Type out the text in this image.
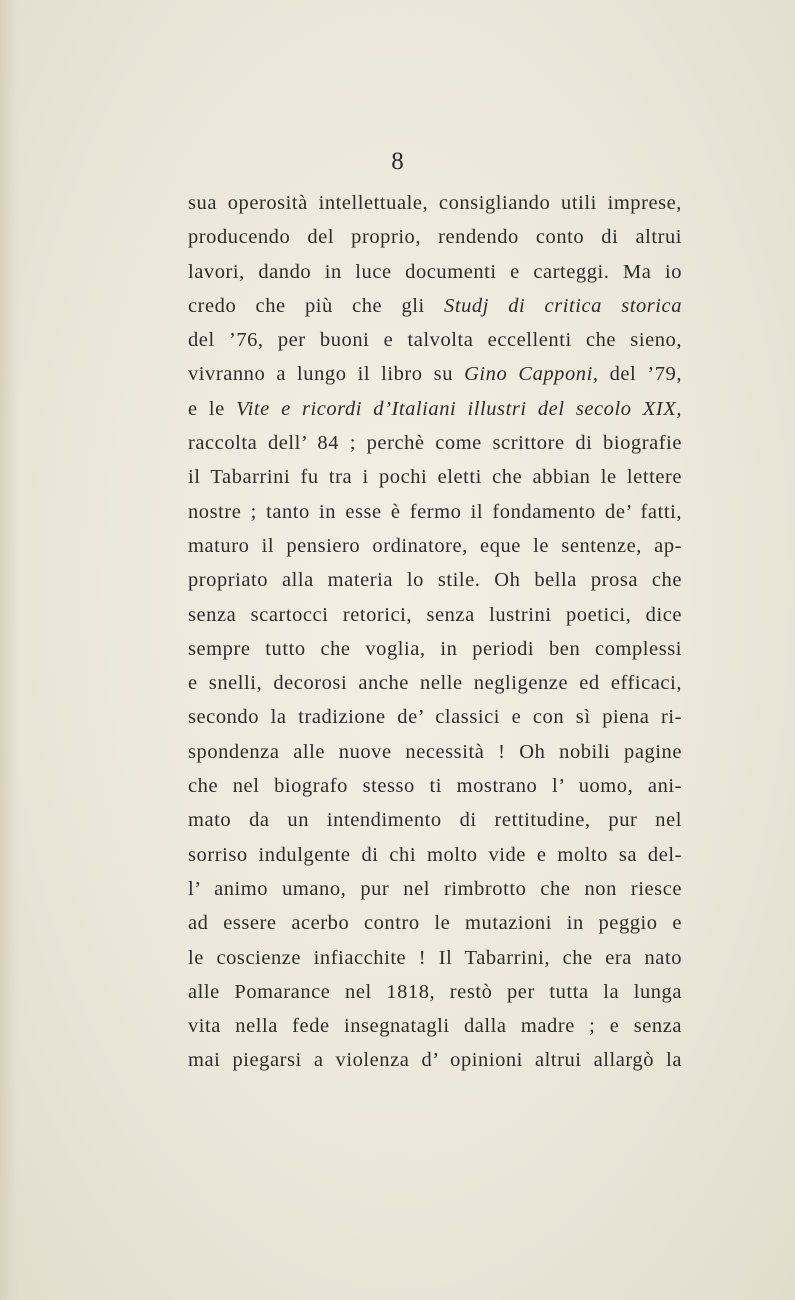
8
sua operosità intellettuale, consigliando utili imprese,
producendo del proprio, rendendo conto di altrui
lavori, dando in luce documenti e carteggi. Ma io
credo che più che gli Studj di critica storica
del ’76, per buoni e talvolta eccellenti che sieno,
vivranno a lungo il libro su Gino Capponi, del ’79,
e le Vite e ricordi d’Italiani illustri del secolo XIX,
raccolta dell’ 84 ; perchè come scrittore di biografie
il Tabarrini fu tra i pochi eletti che abbian le lettere
nostre ; tanto in esse è fermo il fondamento de’ fatti,
maturo il pensiero ordinatore, eque le sentenze, ap-
propriato alla materia lo stile. Oh bella prosa che
senza scartocci retorici, senza lustrini poetici, dice
sempre tutto che voglia, in periodi ben complessi
e snelli, decorosi anche nelle negligenze ed efficaci,
secondo la tradizione de’ classici e con sì piena ri-
spondenza alle nuove necessità ! Oh nobili pagine
che nel biografo stesso ti mostrano l’ uomo, ani-
mato da un intendimento di rettitudine, pur nel
sorriso indulgente di chi molto vide e molto sa del-
l’ animo umano, pur nel rimbrotto che non riesce
ad essere acerbo contro le mutazioni in peggio e
le coscienze infiacchite ! Il Tabarrini, che era nato
alle Pomarance nel 1818, restò per tutta la lunga
vita nella fede insegnatagli dalla madre ; e senza
mai piegarsi a violenza d’ opinioni altrui allargò la
